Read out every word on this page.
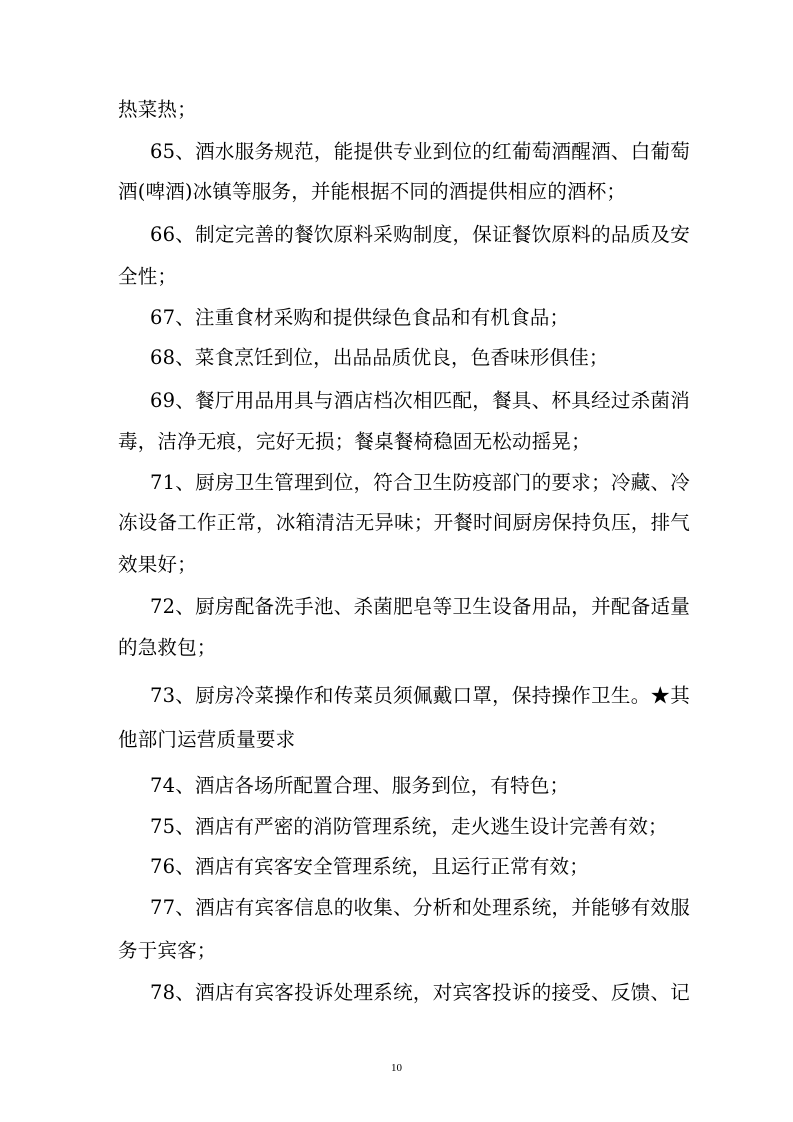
热菜热；
65、酒水服务规范，能提供专业到位的红葡萄酒醒酒、白葡萄
酒(啤酒)冰镇等服务，并能根据不同的酒提供相应的酒杯；
66、制定完善的餐饮原料采购制度，保证餐饮原料的品质及安
全性；
67、注重食材采购和提供绿色食品和有机食品；
68、菜食烹饪到位，出品品质优良，色香味形俱佳；
69、餐厅用品用具与酒店档次相匹配，餐具、杯具经过杀菌消
毒，洁净无痕，完好无损；餐桌餐椅稳固无松动摇晃；
71、厨房卫生管理到位，符合卫生防疫部门的要求；冷藏、冷
冻设备工作正常，冰箱清洁无异味；开餐时间厨房保持负压，排气
效果好；
72、厨房配备洗手池、杀菌肥皂等卫生设备用品，并配备适量
的急救包；
73、厨房冷菜操作和传菜员须佩戴口罩，保持操作卫生。★其
他部门运营质量要求
74、酒店各场所配置合理、服务到位，有特色；
75、酒店有严密的消防管理系统，走火逃生设计完善有效；
76、酒店有宾客安全管理系统，且运行正常有效；
77、酒店有宾客信息的收集、分析和处理系统，并能够有效服
务于宾客；
78、酒店有宾客投诉处理系统，对宾客投诉的接受、反馈、记
10
